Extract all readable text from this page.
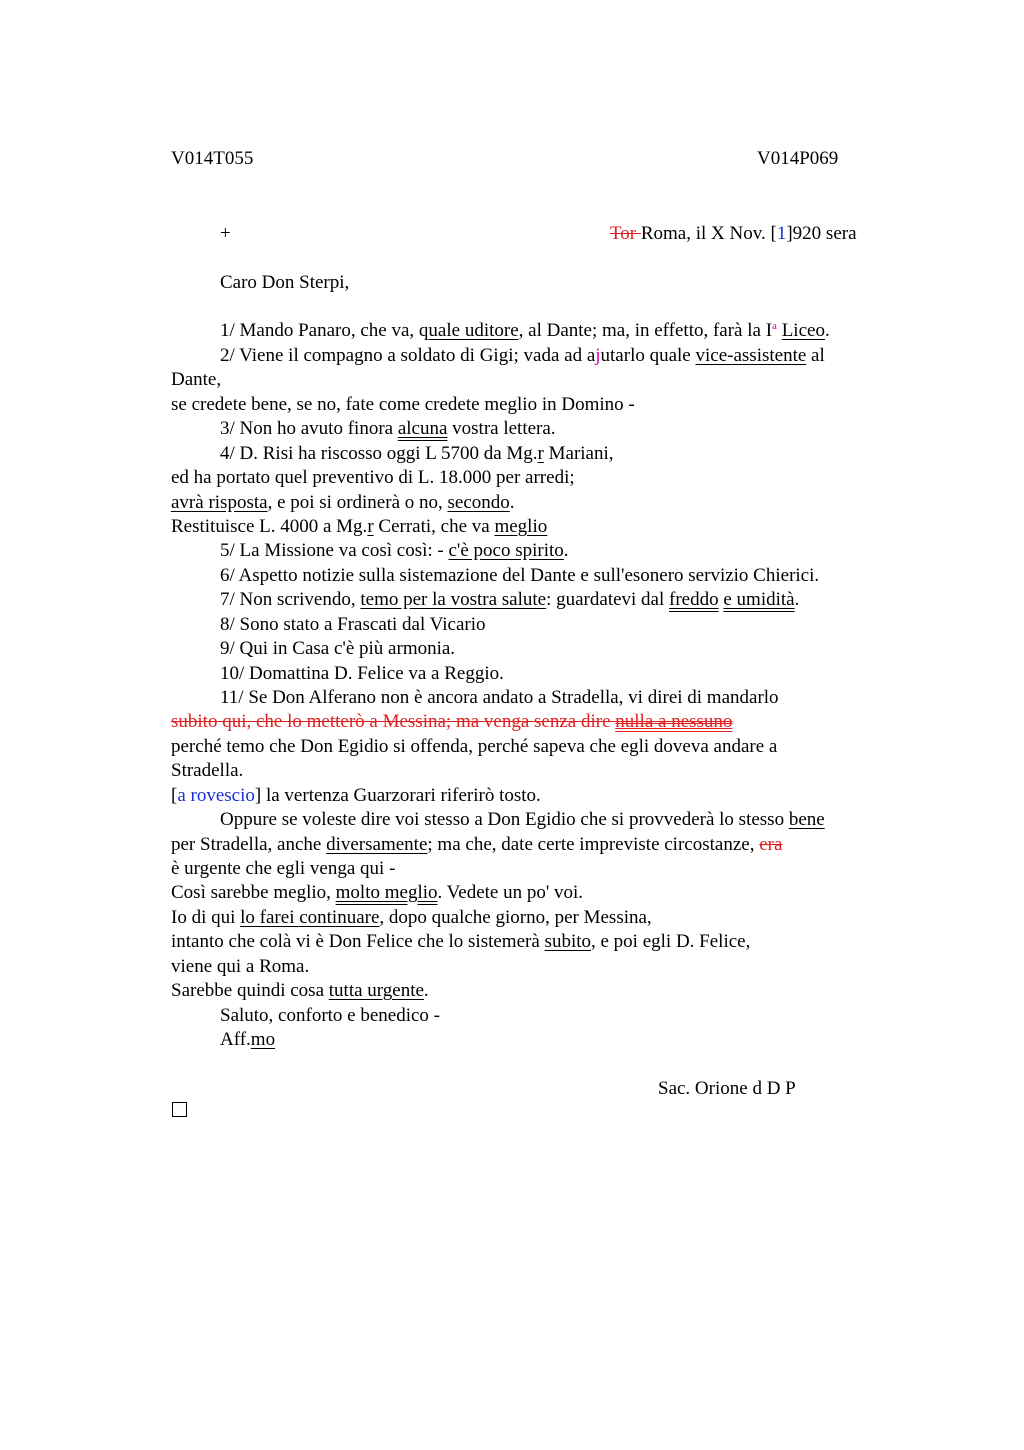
V014T055	V014P069
+	Tor Roma, il X Nov. [1]920 sera
Caro Don Sterpi,
1/ Mando Panaro, che va, quale uditore, al Dante; ma, in effetto, farà la $I^a$ Liceo.
2/ Viene il compagno a soldato di Gigi; vada ad ajutarlo quale vice-assistente al
Dante,
se credete bene, se no, fate come credete meglio in Domino -
3/ Non ho avuto finora alcuna vostra lettera.
4/ D. Risi ha riscosso oggi L 5700 da Mg.r Mariani,
ed ha portato quel preventivo di L. 18.000 per arredi;
avrà risposta, e poi si ordinerà o no, secondo.
Restituisce L. 4000 a Mg.r Cerrati, che va meglio
5/ La Missione va così così: - c'è poco spirito.
6/ Aspetto notizie sulla sistemazione del Dante e sull'esonero servizio Chierici.
7/ Non scrivendo, temo per la vostra salute: guardatevi dal freddo e umidità.
8/ Sono stato a Frascati dal Vicario
9/ Qui in Casa c'è più armonia.
10/ Domattina D. Felice va a Reggio.
11/ Se Don Alferano non è ancora andato a Stradella, vi direi di mandarlo
subito qui, che lo metterò a Messina; ma venga senza dire nulla a nessuno
perché temo che Don Egidio si offenda, perché sapeva che egli doveva andare a
Stradella.
[a rovescio] la vertenza Guarzorari riferirò tosto.
Oppure se voleste dire voi stesso a Don Egidio che si provvederà lo stesso bene
per Stradella, anche diversamente; ma che, date certe impreviste circostanze, era
è urgente che egli venga qui -
Così sarebbe meglio, molto meglio. Vedete un po' voi.
Io di qui lo farei continuare, dopo qualche giorno, per Messina,
intanto che colà vi è Don Felice che lo sistemerà subito, e poi egli D. Felice,
viene qui a Roma.
Sarebbe quindi cosa tutta urgente.
Saluto, conforto e benedico -
Aff.mo
Sac. Orione d D P
